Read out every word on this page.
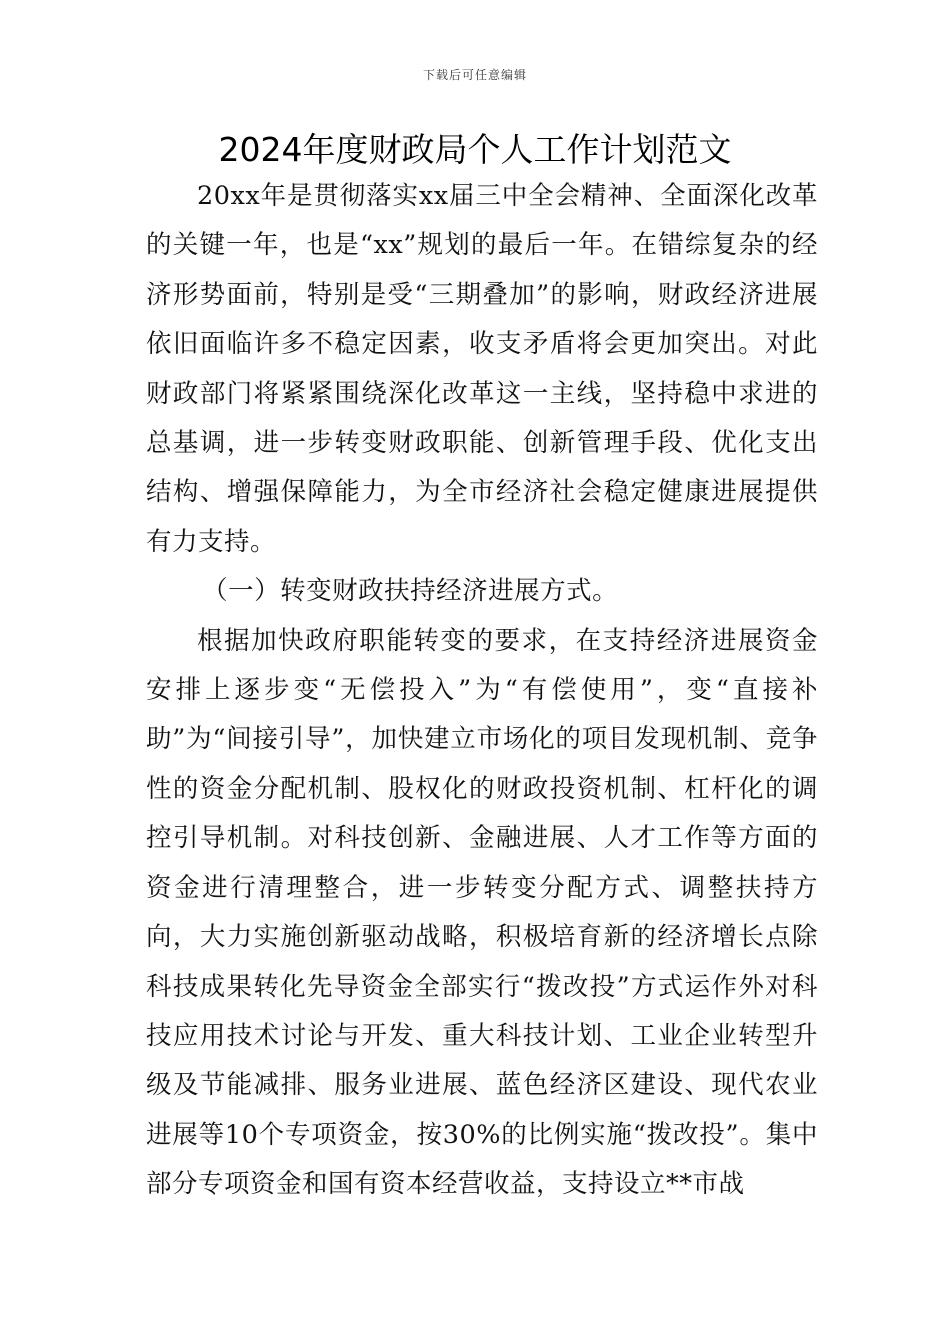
下载后可任意编辑
2024年度财政局个人工作计划范文

20xx年是贯彻落实xx届三中全会精神、全面深化改革的关键一年，也是“xx”规划的最后一年。在错综复杂的经济形势面前，特别是受“三期叠加”的影响，财政经济进展依旧面临许多不稳定因素，收支矛盾将会更加突出。对此财政部门将紧紧围绕深化改革这一主线，坚持稳中求进的总基调，进一步转变财政职能、创新管理手段、优化支出结构、增强保障能力，为全市经济社会稳定健康进展提供有力支持。

（一）转变财政扶持经济进展方式。

根据加快政府职能转变的要求，在支持经济进展资金安排上逐步变“无偿投入”为“有偿使用”，变“直接补助”为“间接引导”，加快建立市场化的项目发现机制、竞争性的资金分配机制、股权化的财政投资机制、杠杆化的调控引导机制。对科技创新、金融进展、人才工作等方面的资金进行清理整合，进一步转变分配方式、调整扶持方向，大力实施创新驱动战略，积极培育新的经济增长点除科技成果转化先导资金全部实行“拨改投”方式运作外对科技应用技术讨论与开发、重大科技计划、工业企业转型升级及节能减排、服务业进展、蓝色经济区建设、现代农业进展等10个专项资金，按30%的比例实施“拨改投”。集中部分专项资金和国有资本经营收益，支持设立**市战
